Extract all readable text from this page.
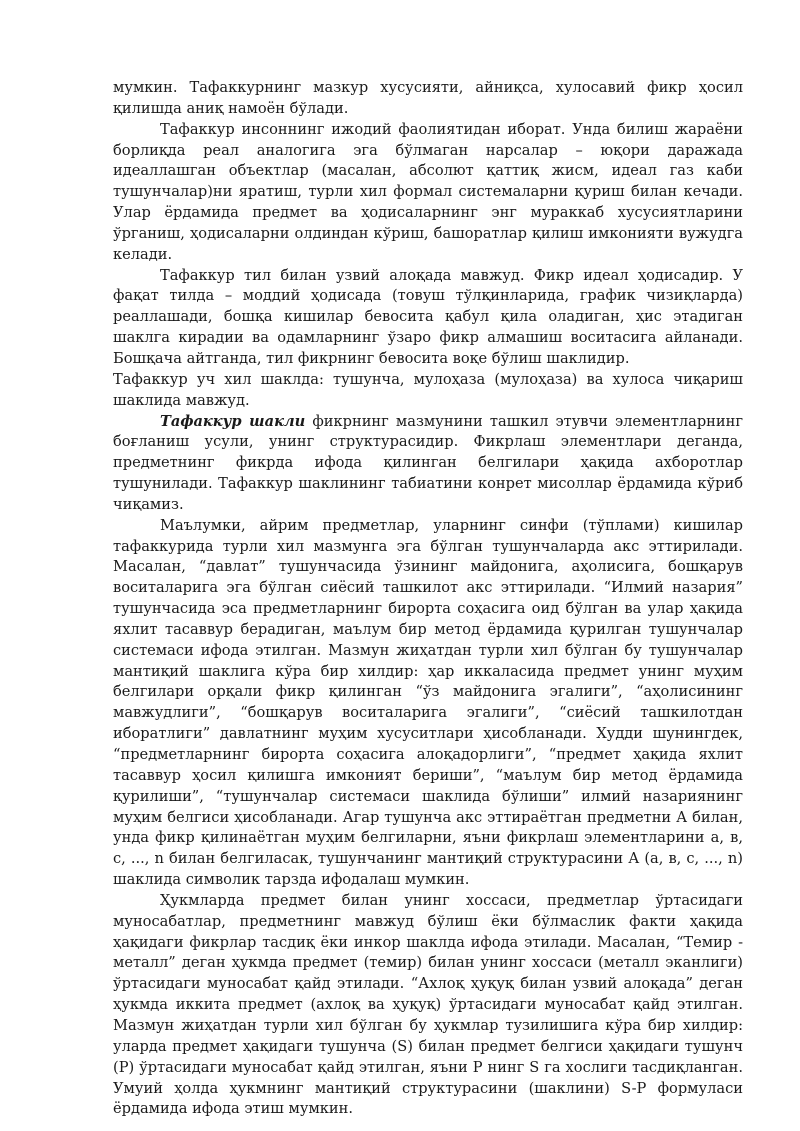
мумкин. Тафаккурнинг мазкур хусусияти, айниқса, хулосавий фикр ҳосил қилишда аниқ намоён бўлади.

Тафаккур инсоннинг ижодий фаолиятидан иборат. Унда билиш жараёни борлиқда реал аналогига эга бўлмаган нарсалар – юқори даражада идеаллашган объектлар (масалан, абсолют қаттиқ жисм, идеал газ каби тушунчалар)ни яратиш, турли хил формал системаларни қуриш билан кечади. Улар ёрдамида предмет ва ҳодисаларнинг энг мураккаб хусусиятларини ўрганиш, ҳодисаларни олдиндан кўриш, башоратлар қилиш имконияти вужудга келади.

Тафаккур тил билан узвий алоқада мавжуд. Фикр идеал ҳодисадир. У фақат тилда – моддий ҳодисада (товуш тўлқинларида, график чизиқларда) реаллашади, бошқа кишилар бевосита қабул қила оладиган, ҳис этадиган шаклга кирадии ва одамларнинг ўзаро фикр алмашиш воситасига айланади. Бошқача айтганда, тил фикрнинг бевосита воқе бўлиш шаклидир.

Тафаккур уч хил шаклда: тушунча, мулоҳаза (мулоҳаза) ва хулоса чиқариш шаклида мавжуд.

Тафаккур шакли фикрнинг мазмунини ташкил этувчи элементларнинг боғланиш усули, унинг структурасидир. Фикрлаш элементлари деганда, предметнинг фикрда ифода қилинган белгилари ҳақида ахборотлар тушунилади. Тафаккур шаклининг табиатини конрет мисоллар ёрдамида кўриб чиқамиз.

Маълумки, айрим предметлар, уларнинг синфи (тўплами) кишилар тафаккурида турли хил мазмунга эга бўлган тушунчаларда акс эттирилади. Масалан, “давлат” тушунчасида ўзининг майдонига, аҳолисига, бошқарув воситаларига эга бўлган сиёсий ташкилот акс эттирилади. “Илмий назария” тушунчасида эса предметларнинг бирорта соҳасига оид бўлган ва улар ҳақида яхлит тасаввур берадиган, маълум бир метод ёрдамида қурилган тушунчалар системаси ифода этилган. Мазмун жиҳатдан турли хил бўлган бу тушунчалар мантиқий шаклига кўра бир хилдир: ҳар иккаласида предмет унинг муҳим белгилари орқали фикр қилинган “ўз майдонига эгалиги”, “аҳолисининг мавжудлиги”, “бошқарув воситаларига эгалиги”, “сиёсий ташкилотдан иборатлиги” давлатнинг муҳим хусуситлари ҳисобланади. Худди шунингдек, “предметларнинг бирорта соҳасига алоқадорлиги”, “предмет ҳақида яхлит тасаввур ҳосил қилишга имконият бериши”, “маълум бир метод ёрдамида қурилиши”, “тушунчалар системаси шаклида бўлиши” илмий назариянинг муҳим белгиси ҳисобланади. Агар тушунча акс эттираётган предметни А билан, унда фикр қилинаётган муҳим белгиларни, яъни фикрлаш элементларини а, в, с, ..., n билан белгиласак, тушунчанинг мантиқий структурасини А (а, в, с, ..., n) шаклида символик тарзда ифодалаш мумкин.

Ҳукмларда предмет билан унинг хоссаси, предметлар ўртасидаги муносабатлар, предметнинг мавжуд бўлиш ёки бўлмаслик факти ҳақида ҳақидаги фикрлар тасдиқ ёки инкор шаклда ифода этилади. Масалан, “Темир - металл” деган ҳукмда предмет (темир) билан унинг хоссаси (металл эканлиги) ўртасидаги муносабат қайд этилади. “Ахлоқ ҳуқуқ билан узвий алоқада” деган ҳукмда иккита предмет (ахлоқ ва ҳуқуқ) ўртасидаги муносабат қайд этилган. Мазмун жиҳатдан турли хил бўлган бу ҳукмлар тузилишига кўра бир хилдир: уларда предмет ҳақидаги тушунча (S) билан предмет белгиси ҳақидаги тушунч (P) ўртасидаги муносабат қайд этилган, яъни P нинг S га хослиги тасдиқланган. Умуий ҳолда ҳукмнинг мантиқий структурасини (шаклини) S-P формуласи ёрдамида ифода этиш мумкин.
